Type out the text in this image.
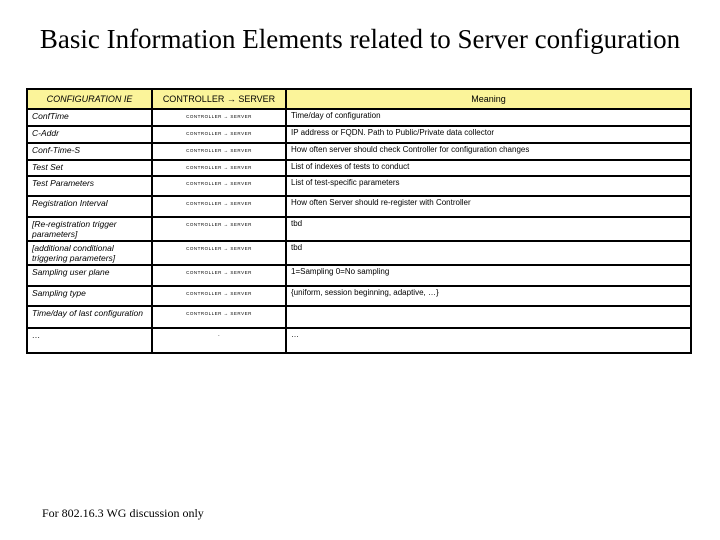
Basic Information Elements related to Server configuration
CONFIGURATION IE	CONTROLLER → SERVER	Meaning
ConfTime	CONTROLLER → SERVER	Time/day of configuration
C-Addr	CONTROLLER → SERVER	IP address or FQDN. Path to Public/Private data collector
Conf-Time-S	CONTROLLER → SERVER	How often server should check Controller for configuration changes
Test Set	CONTROLLER → SERVER	List of indexes of tests to conduct
Test Parameters	CONTROLLER → SERVER	List of test-specific parameters
Registration Interval	CONTROLLER → SERVER	How often Server should re-register with Controller
[Re-registration trigger parameters]	CONTROLLER → SERVER	tbd
[additional conditional triggering parameters]	CONTROLLER → SERVER	tbd
Sampling user plane	CONTROLLER → SERVER	1=Sampling 0=No sampling
Sampling type	CONTROLLER → SERVER	{uniform, session beginning, adaptive, …}
Time/day of last configuration	CONTROLLER → SERVER	
…	-	…
For 802.16.3 WG discussion only
